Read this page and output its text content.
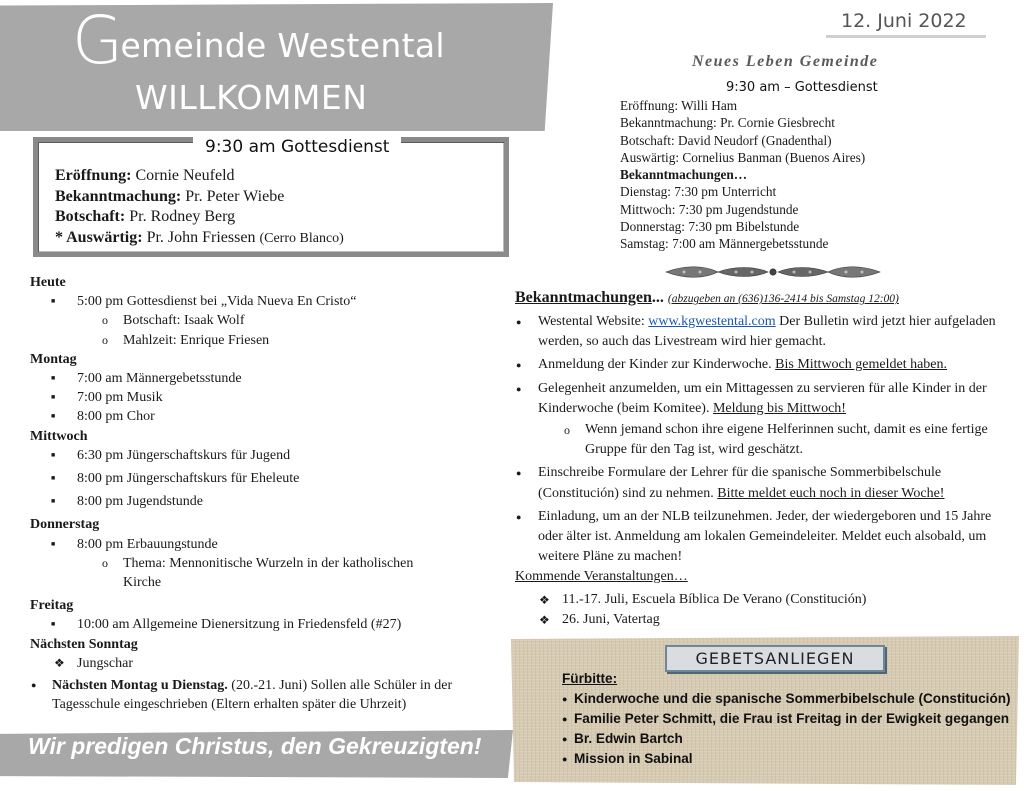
Gemeinde Westental
WILLKOMMEN
9:30 am Gottesdienst
Eröffnung: Cornie Neufeld
Bekanntmachung: Pr. Peter Wiebe
Botschaft: Pr. Rodney Berg
* Auswärtig: Pr. John Friessen (Cerro Blanco)
Heute
■ 5:00 pm Gottesdienst bei „Vida Nueva En Cristo“
o Botschaft: Isaak Wolf
o Mahlzeit: Enrique Friesen
Montag
■ 7:00 am Männergebetsstunde
■ 7:00 pm Musik
■ 8:00 pm Chor
Mittwoch
■ 6:30 pm Jüngerschaftskurs für Jugend
■ 8:00 pm Jüngerschaftskurs für Eheleute
■ 8:00 pm Jugendstunde
Donnerstag
■ 8:00 pm Erbauungstunde
o Thema: Mennonitische Wurzeln in der katholischen
Kirche
Freitag
■ 10:00 am Allgemeine Dienersitzung in Friedensfeld (#27)
Nächsten Sonntag
❖ Jungschar
● Nächsten Montag u Dienstag. (20.-21. Juni) Sollen alle Schüler in der Tagesschule eingeschrieben (Eltern erhalten später die Uhrzeit)
Wir predigen Christus, den Gekreuzigten!
12. Juni 2022
Neues Leben Gemeinde
9:30 am – Gottesdienst
Eröffnung: Willi Ham
Bekanntmachung: Pr. Cornie Giesbrecht
Botschaft: David Neudorf (Gnadenthal)
Auswärtig: Cornelius Banman (Buenos Aires)
Bekanntmachungen…
Dienstag: 7:30 pm Unterricht
Mittwoch: 7:30 pm Jugendstunde
Donnerstag: 7:30 pm Bibelstunde
Samstag: 7:00 am Männergebetsstunde
Bekanntmachungen... (abzugeben an (636)136-2414 bis Samstag 12:00)
● Westental Website: www.kgwestental.com Der Bulletin wird jetzt hier aufgeladen werden, so auch das Livestream wird hier gemacht.
● Anmeldung der Kinder zur Kinderwoche. Bis Mittwoch gemeldet haben.
● Gelegenheit anzumelden, um ein Mittagessen zu servieren für alle Kinder in der Kinderwoche (beim Komitee). Meldung bis Mittwoch!
o Wenn jemand schon ihre eigene Helferinnen sucht, damit es eine fertige Gruppe für den Tag ist, wird geschätzt.
● Einschreibe Formulare der Lehrer für die spanische Sommerbibelschule (Constitución) sind zu nehmen. Bitte meldet euch noch in dieser Woche!
● Einladung, um an der NLB teilzunehmen. Jeder, der wiedergeboren und 15 Jahre oder älter ist. Anmeldung am lokalen Gemeindeleiter. Meldet euch alsobald, um weitere Pläne zu machen!
Kommende Veranstaltungen…
❖ 11.-17. Juli, Escuela Bíblica De Verano (Constitución)
❖ 26. Juni, Vatertag
GEBETSANLIEGEN
Fürbitte:
● Kinderwoche und die spanische Sommerbibelschule (Constitución)
● Familie Peter Schmitt, die Frau ist Freitag in der Ewigkeit gegangen
● Br. Edwin Bartch
● Mission in Sabinal
